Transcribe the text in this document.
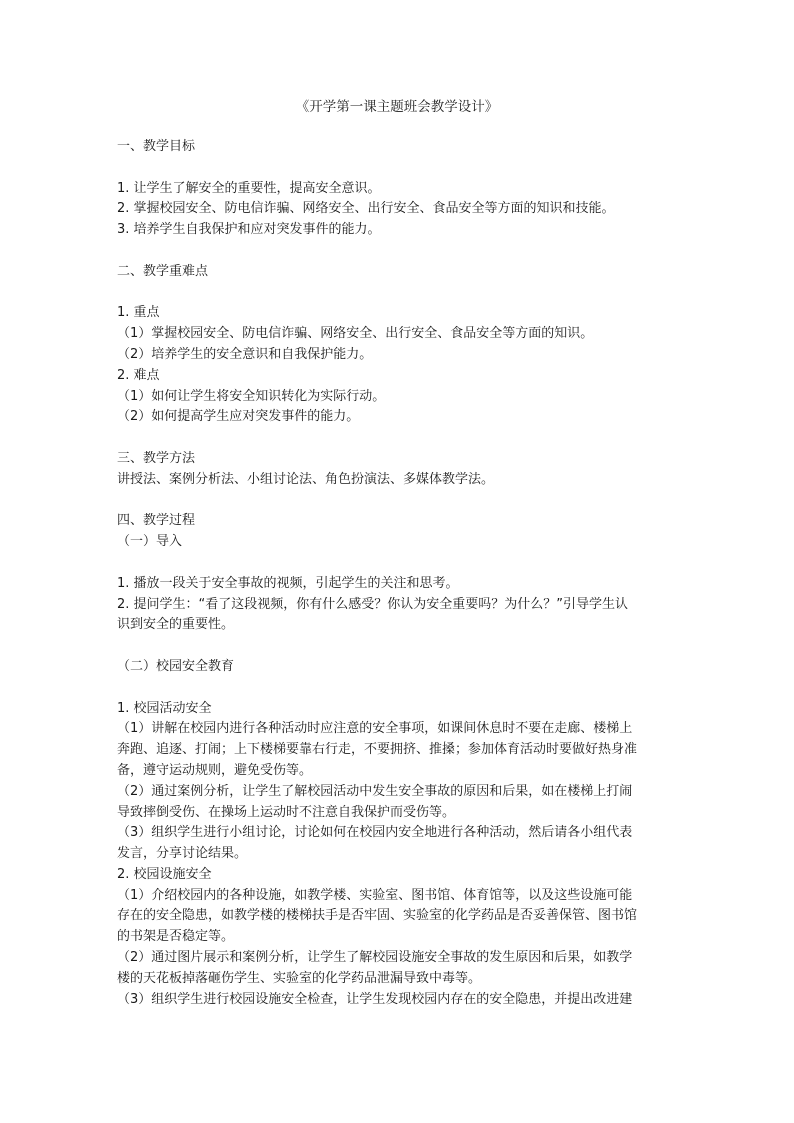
《开学第一课主题班会教学设计》
一、教学目标
1. 让学生了解安全的重要性，提高安全意识。
2. 掌握校园安全、防电信诈骗、网络安全、出行安全、食品安全等方面的知识和技能。
3. 培养学生自我保护和应对突发事件的能力。
二、教学重难点
1. 重点
（1）掌握校园安全、防电信诈骗、网络安全、出行安全、食品安全等方面的知识。
（2）培养学生的安全意识和自我保护能力。
2. 难点
（1）如何让学生将安全知识转化为实际行动。
（2）如何提高学生应对突发事件的能力。
三、教学方法
讲授法、案例分析法、小组讨论法、角色扮演法、多媒体教学法。
四、教学过程
（一）导入
1. 播放一段关于安全事故的视频，引起学生的关注和思考。
2. 提问学生：“看了这段视频，你有什么感受？你认为安全重要吗？为什么？”引导学生认
识到安全的重要性。
（二）校园安全教育
1. 校园活动安全
（1）讲解在校园内进行各种活动时应注意的安全事项，如课间休息时不要在走廊、楼梯上
奔跑、追逐、打闹；上下楼梯要靠右行走，不要拥挤、推搡；参加体育活动时要做好热身准
备，遵守运动规则，避免受伤等。
（2）通过案例分析，让学生了解校园活动中发生安全事故的原因和后果，如在楼梯上打闹
导致摔倒受伤、在操场上运动时不注意自我保护而受伤等。
（3）组织学生进行小组讨论，讨论如何在校园内安全地进行各种活动，然后请各小组代表
发言，分享讨论结果。
2. 校园设施安全
（1）介绍校园内的各种设施，如教学楼、实验室、图书馆、体育馆等，以及这些设施可能
存在的安全隐患，如教学楼的楼梯扶手是否牢固、实验室的化学药品是否妥善保管、图书馆
的书架是否稳定等。
（2）通过图片展示和案例分析，让学生了解校园设施安全事故的发生原因和后果，如教学
楼的天花板掉落砸伤学生、实验室的化学药品泄漏导致中毒等。
（3）组织学生进行校园设施安全检查，让学生发现校园内存在的安全隐患，并提出改进建
